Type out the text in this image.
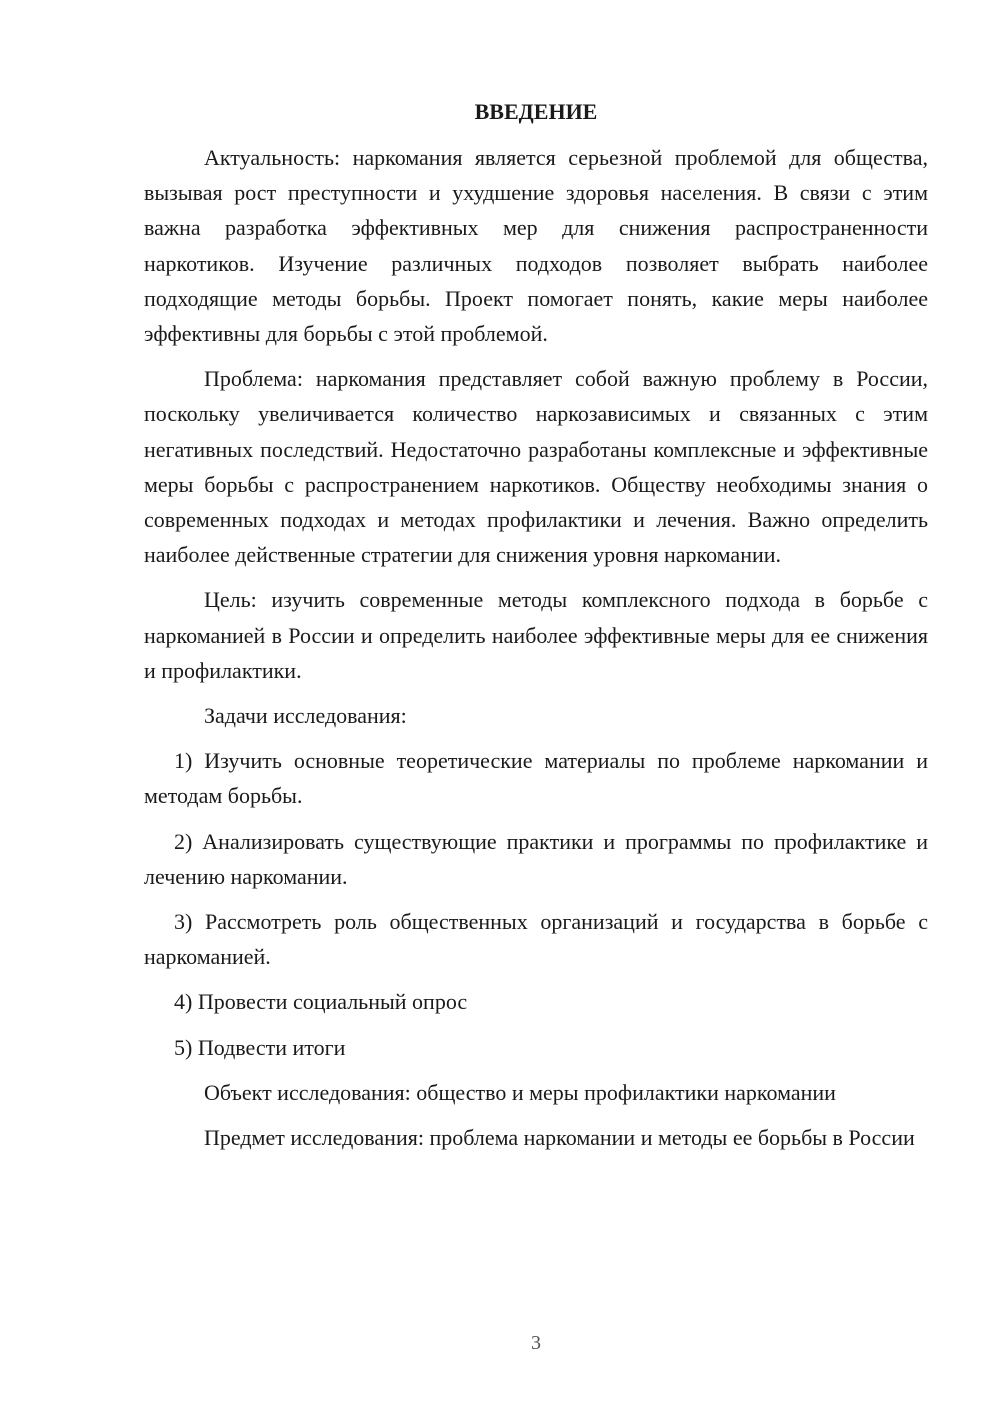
ВВЕДЕНИЕ

Актуальность: наркомания является серьезной проблемой для общества, вызывая рост преступности и ухудшение здоровья населения. В связи с этим важна разработка эффективных мер для снижения распространенности наркотиков. Изучение различных подходов позволяет выбрать наиболее подходящие методы борьбы. Проект помогает понять, какие меры наиболее эффективны для борьбы с этой проблемой.

Проблема: наркомания представляет собой важную проблему в России, поскольку увеличивается количество наркозависимых и связанных с этим негативных последствий. Недостаточно разработаны комплексные и эффективные меры борьбы с распространением наркотиков. Обществу необходимы знания о современных подходах и методах профилактики и лечения. Важно определить наиболее действенные стратегии для снижения уровня наркомании.

Цель: изучить современные методы комплексного подхода в борьбе с наркоманией в России и определить наиболее эффективные меры для ее снижения и профилактики.

Задачи исследования:

1) Изучить основные теоретические материалы по проблеме наркомании и методам борьбы.

2) Анализировать существующие практики и программы по профилактике и лечению наркомании.

3) Рассмотреть роль общественных организаций и государства в борьбе с наркоманией.

4) Провести социальный опрос

5) Подвести итоги

Объект исследования: общество и меры профилактики наркомании

Предмет исследования: проблема наркомании и методы ее борьбы в России

3
